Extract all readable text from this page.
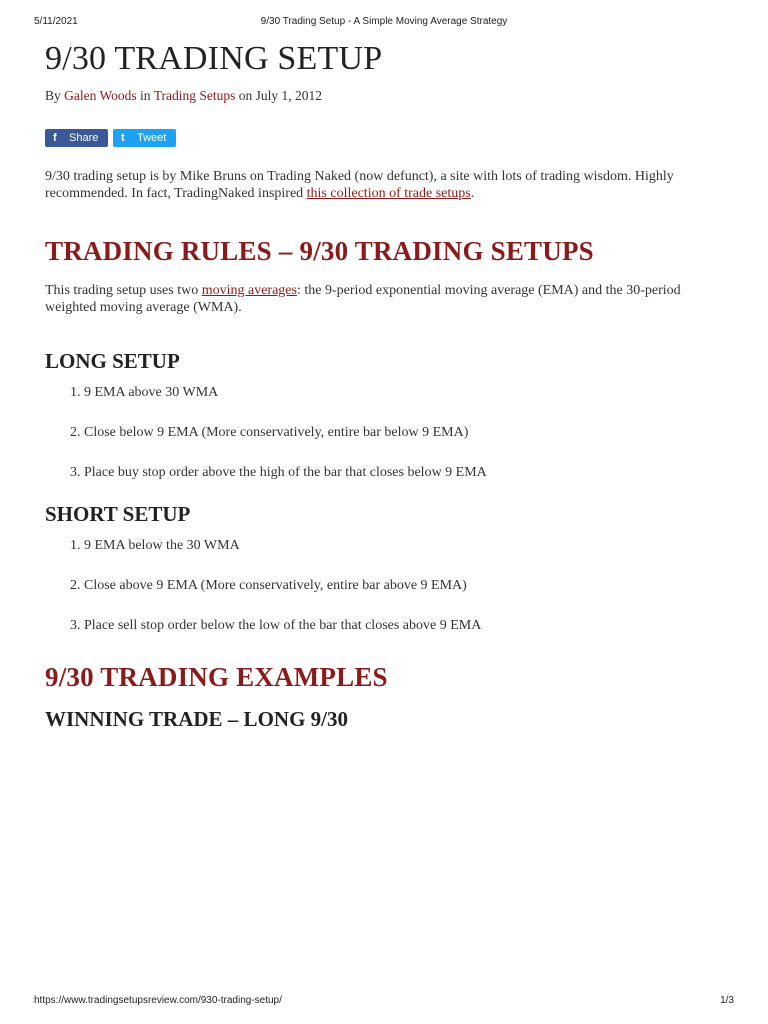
5/11/2021	9/30 Trading Setup - A Simple Moving Average Strategy
9/30 TRADING SETUP
By Galen Woods in Trading Setups on July 1, 2012
f	Share	t	Tweet

9/30 trading setup is by Mike Bruns on Trading Naked (now defunct), a site with lots of trading wisdom. Highly recommended. In fact, TradingNaked inspired this collection of trade setups.

TRADING RULES – 9/30 TRADING SETUPS

This trading setup uses two moving averages: the 9-period exponential moving average (EMA) and the 30-period weighted moving average (WMA).

LONG SETUP
1. 9 EMA above 30 WMA
2. Close below 9 EMA (More conservatively, entire bar below 9 EMA)
3. Place buy stop order above the high of the bar that closes below 9 EMA
SHORT SETUP
1. 9 EMA below the 30 WMA
2. Close above 9 EMA (More conservatively, entire bar above 9 EMA)
3. Place sell stop order below the low of the bar that closes above 9 EMA
9/30 TRADING EXAMPLES
WINNING TRADE – LONG 9/30
https://www.tradingsetupsreview.com/930-trading-setup/	1/3
